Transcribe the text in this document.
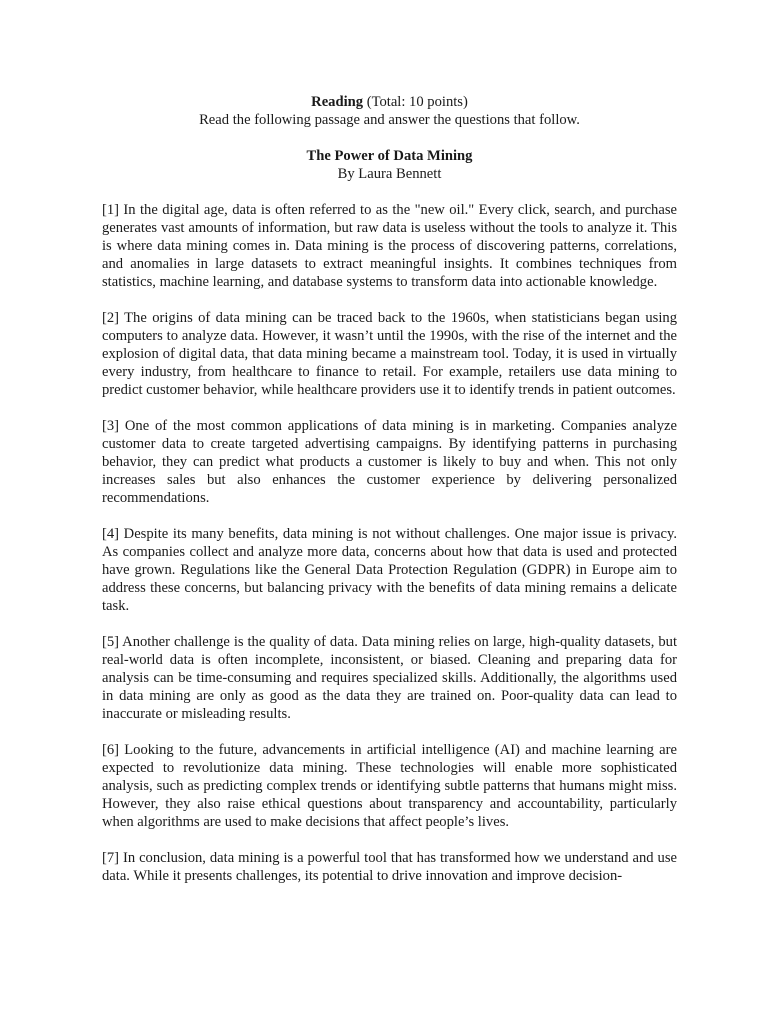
Reading (Total: 10 points)
Read the following passage and answer the questions that follow.
The Power of Data Mining
By Laura Bennett

[1] In the digital age, data is often referred to as the "new oil." Every click, search, and purchase generates vast amounts of information, but raw data is useless without the tools to analyze it. This is where data mining comes in. Data mining is the process of discovering patterns, correlations, and anomalies in large datasets to extract meaningful insights. It combines techniques from statistics, machine learning, and database systems to transform data into actionable knowledge.

[2] The origins of data mining can be traced back to the 1960s, when statisticians began using computers to analyze data. However, it wasn’t until the 1990s, with the rise of the internet and the explosion of digital data, that data mining became a mainstream tool. Today, it is used in virtually every industry, from healthcare to finance to retail. For example, retailers use data mining to predict customer behavior, while healthcare providers use it to identify trends in patient outcomes.

[3] One of the most common applications of data mining is in marketing. Companies analyze customer data to create targeted advertising campaigns. By identifying patterns in purchasing behavior, they can predict what products a customer is likely to buy and when. This not only increases sales but also enhances the customer experience by delivering personalized recommendations.

[4] Despite its many benefits, data mining is not without challenges. One major issue is privacy. As companies collect and analyze more data, concerns about how that data is used and protected have grown. Regulations like the General Data Protection Regulation (GDPR) in Europe aim to address these concerns, but balancing privacy with the benefits of data mining remains a delicate task.

[5] Another challenge is the quality of data. Data mining relies on large, high-quality datasets, but real-world data is often incomplete, inconsistent, or biased. Cleaning and preparing data for analysis can be time-consuming and requires specialized skills. Additionally, the algorithms used in data mining are only as good as the data they are trained on. Poor-quality data can lead to inaccurate or misleading results.

[6] Looking to the future, advancements in artificial intelligence (AI) and machine learning are expected to revolutionize data mining. These technologies will enable more sophisticated analysis, such as predicting complex trends or identifying subtle patterns that humans might miss. However, they also raise ethical questions about transparency and accountability, particularly when algorithms are used to make decisions that affect people’s lives.

[7] In conclusion, data mining is a powerful tool that has transformed how we understand and use data. While it presents challenges, its potential to drive innovation and improve decision-
